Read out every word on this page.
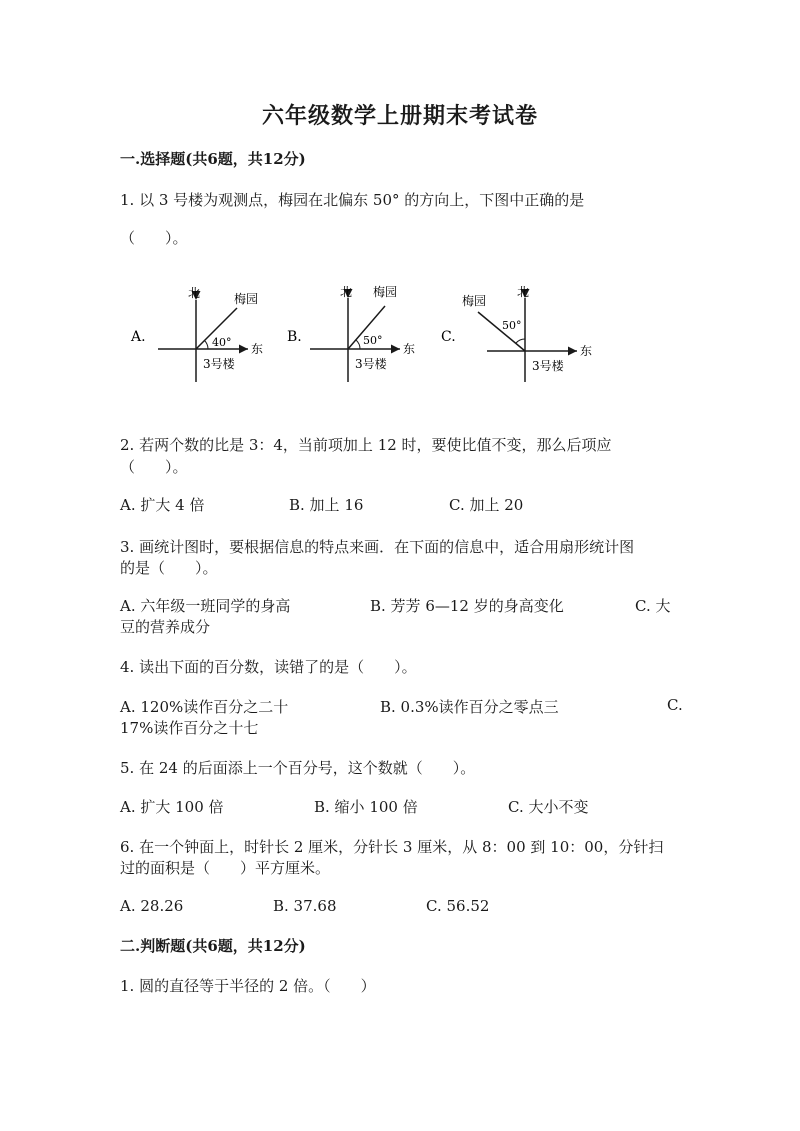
六年级数学上册期末考试卷
一.选择题(共6题，共12分)
1. 以 3 号楼为观测点，梅园在北偏东 50° 的方向上，下图中正确的是
（　　）。
A.
北
东
梅园
40°
3号楼
B.
北
东
梅园
50°
3号楼
C.
北
东
梅园
50°
3号楼
2. 若两个数的比是 3：4，当前项加上 12 时，要使比值不变，那么后项应
（　　）。
A. 扩大 4 倍	B. 加上 16	C. 加上 20
3. 画统计图时，要根据信息的特点来画．在下面的信息中，适合用扇形统计图
的是（　　）。
A. 六年级一班同学的身高	B. 芳芳 6—12 岁的身高变化	C. 大
豆的营养成分
4. 读出下面的百分数，读错了的是（　　）。
A. 120%读作百分之二十	B. 0.3%读作百分之零点三	C.
17%读作百分之十七
5. 在 24 的后面添上一个百分号，这个数就（　　）。
A. 扩大 100 倍	B. 缩小 100 倍	C. 大小不变
6. 在一个钟面上，时针长 2 厘米，分针长 3 厘米，从 8：00 到 10：00，分针扫
过的面积是（　　）平方厘米。
A. 28.26	B. 37.68	C. 56.52
二.判断题(共6题，共12分)
1. 圆的直径等于半径的 2 倍。（　　）
